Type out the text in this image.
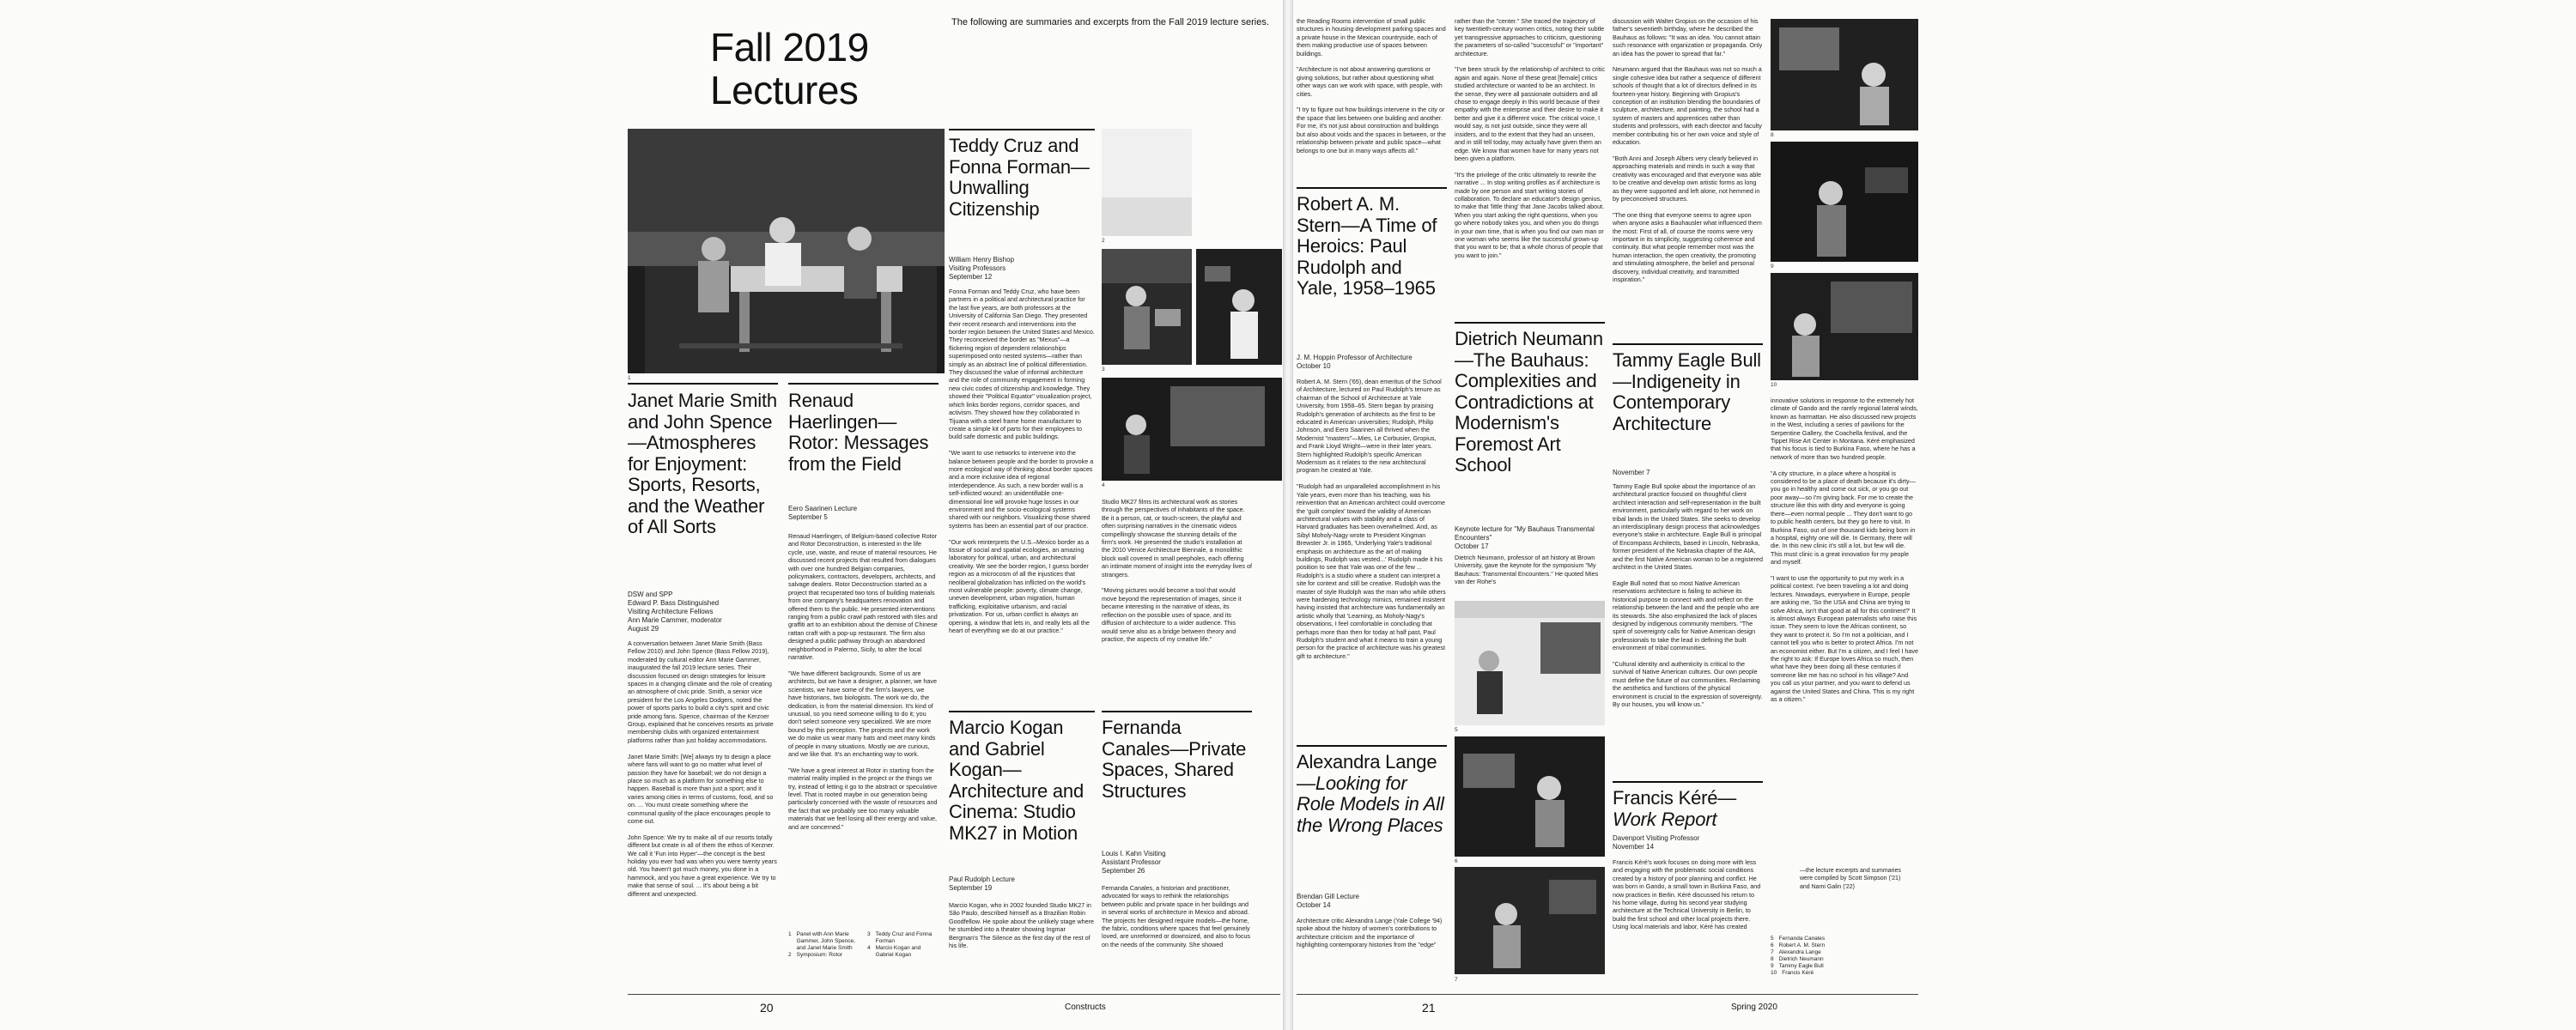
Fall 2019 Lectures
The following are summaries and excerpts from the Fall 2019 lecture series.
1
Janet Marie Smith and John Spence—Atmospheres for Enjoyment: Sports, Resorts, and the Weather of All Sorts
DSW and SPP
Edward P. Bass Distinguished
Visiting Architecture Fellows
Ann Marie Cammer, moderator
August 29
A conversation between Janet Marie Smith (Bass Fellow 2010) and John Spence (Bass Fellow 2019), moderated by cultural editor Ann Marie Gammer, inaugurated the fall 2019 lecture series. Their discussion focused on design strategies for leisure spaces in a changing climate and the role of creating an atmosphere of civic pride. Smith, a senior vice president for the Los Angeles Dodgers, noted the power of sports parks to build a city's spirit and civic pride among fans. Spence, chairman of the Kerzner Group, explained that he conceives resorts as private membership clubs with organized entertainment platforms rather than just holiday accommodations.

Janet Marie Smith: [We] always try to design a place where fans will want to go no matter what level of passion they have for baseball; we do not design a place so much as a platform for something else to happen. Baseball is more than just a sport; and it varies among cities in terms of customs, food, and so on. ... You must create something where the communal quality of the place encourages people to come out.

John Spence: We try to make all of our resorts totally different but create in all of them the ethos of Kerzner. We call it 'Fun into Hyper'—the concept is the best holiday you ever had was when you were twenty years old. You haven't got much money, you done in a hammock, and you have a great experience. We try to make that sense of soul. ... It's about being a bit different and unexpected.
Renaud Haerlingen—Rotor: Messages from the Field
Eero Saarinen Lecture
September 5
Renaud Haerlingen, of Belgium-based collective Rotor and Rotor Deconstruction, is interested in the life cycle, use, waste, and reuse of material resources. He discussed recent projects that resulted from dialogues with over one hundred Belgian companies, policymakers, contractors, developers, architects, and salvage dealers. Rotor Deconstruction started as a project that recuperated two tons of building materials from one company's headquarters renovation and offered them to the public. He presented interventions ranging from a public crawl path restored with tiles and graffiti art to an exhibition about the demise of Chinese rattan craft with a pop-up restaurant. The firm also designed a public pathway through an abandoned neighborhood in Palermo, Sicily, to alter the local narrative.

"We have different backgrounds. Some of us are architects, but we have a designer, a planner, we have scientists, we have some of the firm's lawyers, we have historians, two biologists. The work we do, the dedication, is from the material dimension. It's kind of unusual, so you need someone willing to do it; you don't select someone very specialized. We are more bound by this perception. The projects and the work we do make us wear many hats and meet many kinds of people in many situations. Mostly we are curious, and we like that. It's an enchanting way to work.

"We have a great interest at Rotor in starting from the material reality implied in the project or the things we try, instead of letting it go to the abstract or speculative level. That is rooted maybe in our generation being particularly concerned with the waste of resources and the fact that we probably see too many valuable materials that we feel losing all their energy and value, and are concerned."
1 Panel with Ann Marie Gammer, John Spence, and Janet Marie Smith
2 Symposium: Rotor
3 Teddy Cruz and Fonna Forman
4 Marcio Kogan and Gabriel Kogan
Teddy Cruz and Fonna Forman—Unwalling Citizenship
William Henry Bishop
Visiting Professors
September 12
Fonna Forman and Teddy Cruz, who have been partners in a political and architectural practice for the last five years, are both professors at the University of California San Diego. They presented their recent research and interventions into the border region between the United States and Mexico. They reconceived the border as "Mexus"—a flickering region of dependent relationships superimposed onto nested systems—rather than simply as an abstract line of political differentiation. They discussed the value of informal architecture and the role of community engagement in forming new civic codes of citizenship and knowledge. They showed their "Political Equator" visualization project, which links border regions, corridor spaces, and activism. They showed how they collaborated in Tijuana with a steel frame home manufacturer to create a simple kit of parts for their employees to build safe domestic and public buildings.

"We want to use networks to intervene into the balance between people and the border to provoke a more ecological way of thinking about border spaces and a more inclusive idea of regional interdependence. As such, a new border wall is a self-inflicted wound: an unidentifiable one-dimensional line will provoke huge losses in our environment and the socio-ecological systems shared with our neighbors. Visualizing those shared systems has been an essential part of our practice.

"Our work reinterprets the U.S.–Mexico border as a tissue of social and spatial ecologies, an amazing laboratory for political, urban, and architectural creativity. We see the border region, I guess border region as a microcosm of all the injustices that neoliberal globalization has inflicted on the world's most vulnerable people: poverty, climate change, uneven development, urban migration, human trafficking, exploitative urbanism, and racial privatization. For us, urban conflict is always an opening, a window that lets in, and really lets all the heart of everything we do at our practice."
Marcio Kogan and Gabriel Kogan—Architecture and Cinema: Studio MK27 in Motion
Paul Rudolph Lecture
September 19
Marcio Kogan, who in 2002 founded Studio MK27 in São Paulo, described himself as a Brazilian Robin Goodfellow. He spoke about the unlikely stage where he stumbled into a theater showing Ingmar Bergman's The Silence as the first day of the rest of his life.
2
3
4
Studio MK27 films its architectural work as stories through the perspectives of inhabitants of the space. Be it a person, cat, or touch-screen, the playful and often surprising narratives in the cinematic videos compellingly showcase the stunning details of the firm's work. He presented the studio's installation at the 2010 Venice Architecture Biennale, a monolithic block wall covered in small peepholes, each offering an intimate moment of insight into the everyday lives of strangers.

"Moving pictures would become a tool that would move beyond the representation of images, since it became interesting in the narrative of ideas, its reflection on the possible uses of space, and its diffusion of architecture to a wider audience. This would serve also as a bridge between theory and practice, the aspects of my creative life."
Fernanda Canales—Private Spaces, Shared Structures
Louis I. Kahn Visiting
Assistant Professor
September 26
Fernanda Canales, a historian and practitioner, advocated for ways to rethink the relationships between public and private space in her buildings and in several works of architecture in Mexico and abroad. The projects her designed require models—the home, the fabric, conditions where spaces that feel genuinely loved, are unreformed or downsized, and also to focus on the needs of the community. She showed
20	Constructs
the Reading Rooms intervention of small public structures in housing development parking spaces and a private house in the Mexican countryside, each of them making productive use of spaces between buildings.

"Architecture is not about answering questions or giving solutions, but rather about questioning what other ways can we work with space, with people, with cities.

"I try to figure out how buildings intervene in the city or the space that lies between one building and another. For me, it's not just about construction and buildings but also about voids and the spaces in between, or the relationship between private and public space—what belongs to one but in many ways affects all."
Robert A. M. Stern—A Time of Heroics: Paul Rudolph and Yale, 1958–1965
J. M. Hoppin Professor of Architecture
October 10
Robert A. M. Stern ('65), dean emeritus of the School of Architecture, lectured on Paul Rudolph's tenure as chairman of the School of Architecture at Yale University, from 1958–65. Stern began by praising Rudolph's generation of architects as the first to be educated in American universities; Rudolph, Philip Johnson, and Eero Saarinen all thrived when the Modernist "masters"—Mies, Le Corbusier, Gropius, and Frank Lloyd Wright—were in their later years. Stern highlighted Rudolph's specific American Modernism as it relates to the new architectural program he created at Yale.

"Rudolph had an unparalleled accomplishment in his Yale years, even more than his teaching, was his reinvention that an American architect could overcome the 'guilt complex' toward the validity of American architectural values with stability and a class of Harvard graduates has been overwhelmed. And, as Sibyl Moholy-Nagy wrote to President Kingman Brewster Jr. in 1965, 'Underlying Yale's traditional emphasis on architecture as the art of making buildings, Rudolph was vested...' Rudolph made it his position to see that Yale was one of the few ... Rudolph's is a studio where a student can interpret a site for context and still be creative. Rudolph was the master of style Rudolph was the man who while others were hardening technology mimics, remained insistent having insisted that architecture was fundamentally an artistic wholly that 'Learning, as Moholy-Nagy's observations, I feel comfortable in concluding that perhaps more than then for today at half past, Paul Rudolph's student and what it means to train a young person for the practice of architecture was his greatest gift to architecture."
Alexandra Lange—Looking for Role Models in All the Wrong Places
Brendan Gill Lecture
October 14
Architecture critic Alexandra Lange (Yale College '94) spoke about the history of women's contributions to architecture criticism and the importance of highlighting contemporary histories from the "edge"
rather than the "center." She traced the trajectory of key twentieth-century women critics, noting their subtle yet transgressive approaches to criticism, questioning the parameters of so-called "successful" or "important" architecture.

"I've been struck by the relationship of architect to critic again and again. None of these great [female] critics studied architecture or wanted to be an architect. In the sense, they were all passionate outsiders and all chose to engage deeply in this world because of their empathy with the enterprise and their desire to make it better and give it a different voice. The critical voice, I would say, is not just outside, since they were all insiders, and to the extent that they had an unseen, and in still tell today, may actually have given them an edge. We know that women have for many years not been given a platform.

"It's the privilege of the critic ultimately to rewrite the narrative ... In stop writing profiles as if architecture is made by one person and start writing stories of collaboration. To declare an educator's design genius, to make that 'little thing' that Jane Jacobs talked about. When you start asking the right questions, when you go where nobody takes you, and when you do things in your own time, that is when you find our own man or one woman who seems like the successful grown-up that you want to be; that a whole chorus of people that you want to join."
Dietrich Neumann—The Bauhaus: Complexities and Contradictions at Modernism's Foremost Art School
Keynote lecture for "My Bauhaus Transmental Encounters"
October 17
Dietrich Neumann, professor of art history at Brown University, gave the keynote for the symposium "My Bauhaus: Transmental Encounters." He quoted Mies van der Rohe's
5
6
7
discussion with Walter Gropius on the occasion of his father's seventieth birthday, where he described the Bauhaus as follows: "It was an idea. You cannot attain such resonance with organization or propaganda. Only an idea has the power to spread that far."

Neumann argued that the Bauhaus was not so much a single cohesive idea but rather a sequence of different schools of thought that a lot of directors defined in its fourteen-year history. Beginning with Gropius's conception of an institution blending the boundaries of sculpture, architecture, and painting, the school had a system of masters and apprentices rather than students and professors, with each director and faculty member contributing his or her own voice and style of education.

"Both Anni and Joseph Albers very clearly believed in approaching materials and minds in such a way that creativity was encouraged and that everyone was able to be creative and develop own artistic forms as long as they were supported and left alone, not hemmed in by preconceived structures.

"The one thing that everyone seems to agree upon when anyone asks a Bauhausler what influenced them the most: First of all, of course the rooms were very important in its simplicity, suggesting coherence and continuity. But what people remember most was the human interaction, the open creativity, the promoting and stimulating atmosphere, the belief and personal discovery, individual creativity, and transmitted inspiration."
Tammy Eagle Bull—Indigeneity in Contemporary Architecture
November 7
Tammy Eagle Bull spoke about the importance of an architectural practice focused on thoughtful client architect interaction and self-representation in the built environment, particularly with regard to her work on tribal lands in the United States. She seeks to develop an interdisciplinary design process that acknowledges everyone's stake in architecture. Eagle Bull is principal of Encompass Architects, based in Lincoln, Nebraska, former president of the Nebraska chapter of the AIA, and the first Native American woman to be a registered architect in the United States.

Eagle Bull noted that so most Native American reservations architecture is failing to achieve its historical purpose to connect with and reflect on the relationship between the land and the people who are its stewards. She also emphasized the lack of places designed by indigenous community members. "The spirit of sovereignty calls for Native American design professionals to take the lead in defining the built environment of tribal communities.

"Cultural identity and authenticity is critical to the survival of Native American cultures. Our own people must define the future of our communities. Reclaiming the aesthetics and functions of the physical environment is crucial to the expression of sovereignty. By our houses, you will know us."
Francis Kéré—Work Report
Davenport Visiting Professor
November 14
Francis Kéré's work focuses on doing more with less and engaging with the problematic social conditions created by a history of poor planning and conflict. He was born in Gando, a small town in Burkina Faso, and now practices in Berlin. Kéré discussed his return to his home village, during his second year studying architecture at the Technical University in Berlin, to build the first school and other local projects there. Using local materials and labor, Kéré has created
8
9
10
innovative solutions in response to the extremely hot climate of Gando and the rarely regional lateral winds, known as harmattan. He also discussed new projects in the West, including a series of pavilions for the Serpentine Gallery, the Coachella festival, and the Tippet Rise Art Center in Montana. Kéré emphasized that his focus is tied to Burkina Faso, where he has a network of more than two hundred people.

"A city structure, in a place where a hospital is considered to be a place of death because it's dirty—you go in healthy and come out sick, or you go out poor away—so I'm giving back. For me to create the structure like this with dirty and everyone is going there—even normal people ... They don't want to go to public health centers, but they go here to visit. In Burkina Faso, out of one thousand kids being born in a hospital, eighty one will die. In Germany, there will die. In this new clinic it's still a lot, but few will die. This must clinic is a great innovation for my people and myself.

"I want to use the opportunity to put my work in a political context. I've been traveling a lot and doing lectures. Nowadays, everywhere in Europe, people are asking me, 'So the USA and China are trying to solve Africa, isn't that good at all for this continent?' It is almost always European paternalists who raise this issue. They seem to love the African continent, so they want to protect it. So I'm not a politician, and I cannot tell you who is better to protect Africa. I'm not an economist either. But I'm a citizen, and I feel I have the right to ask: If Europe loves Africa so much, then what have they been doing all these centuries if someone like me has no school in his village? And you call us your partner, and you want to defend us against the United States and China. This is my right as a citizen."
—the lecture excerpts and summaries were compiled by Scott Simpson ('21) and Nami Galin ('22)
5 Fernanda Canales
6 Robert A. M. Stern
7 Alexandra Lange
8 Dietrich Neumann
9 Tammy Eagle Bull
10 Francis Kéré
21	Spring 2020
